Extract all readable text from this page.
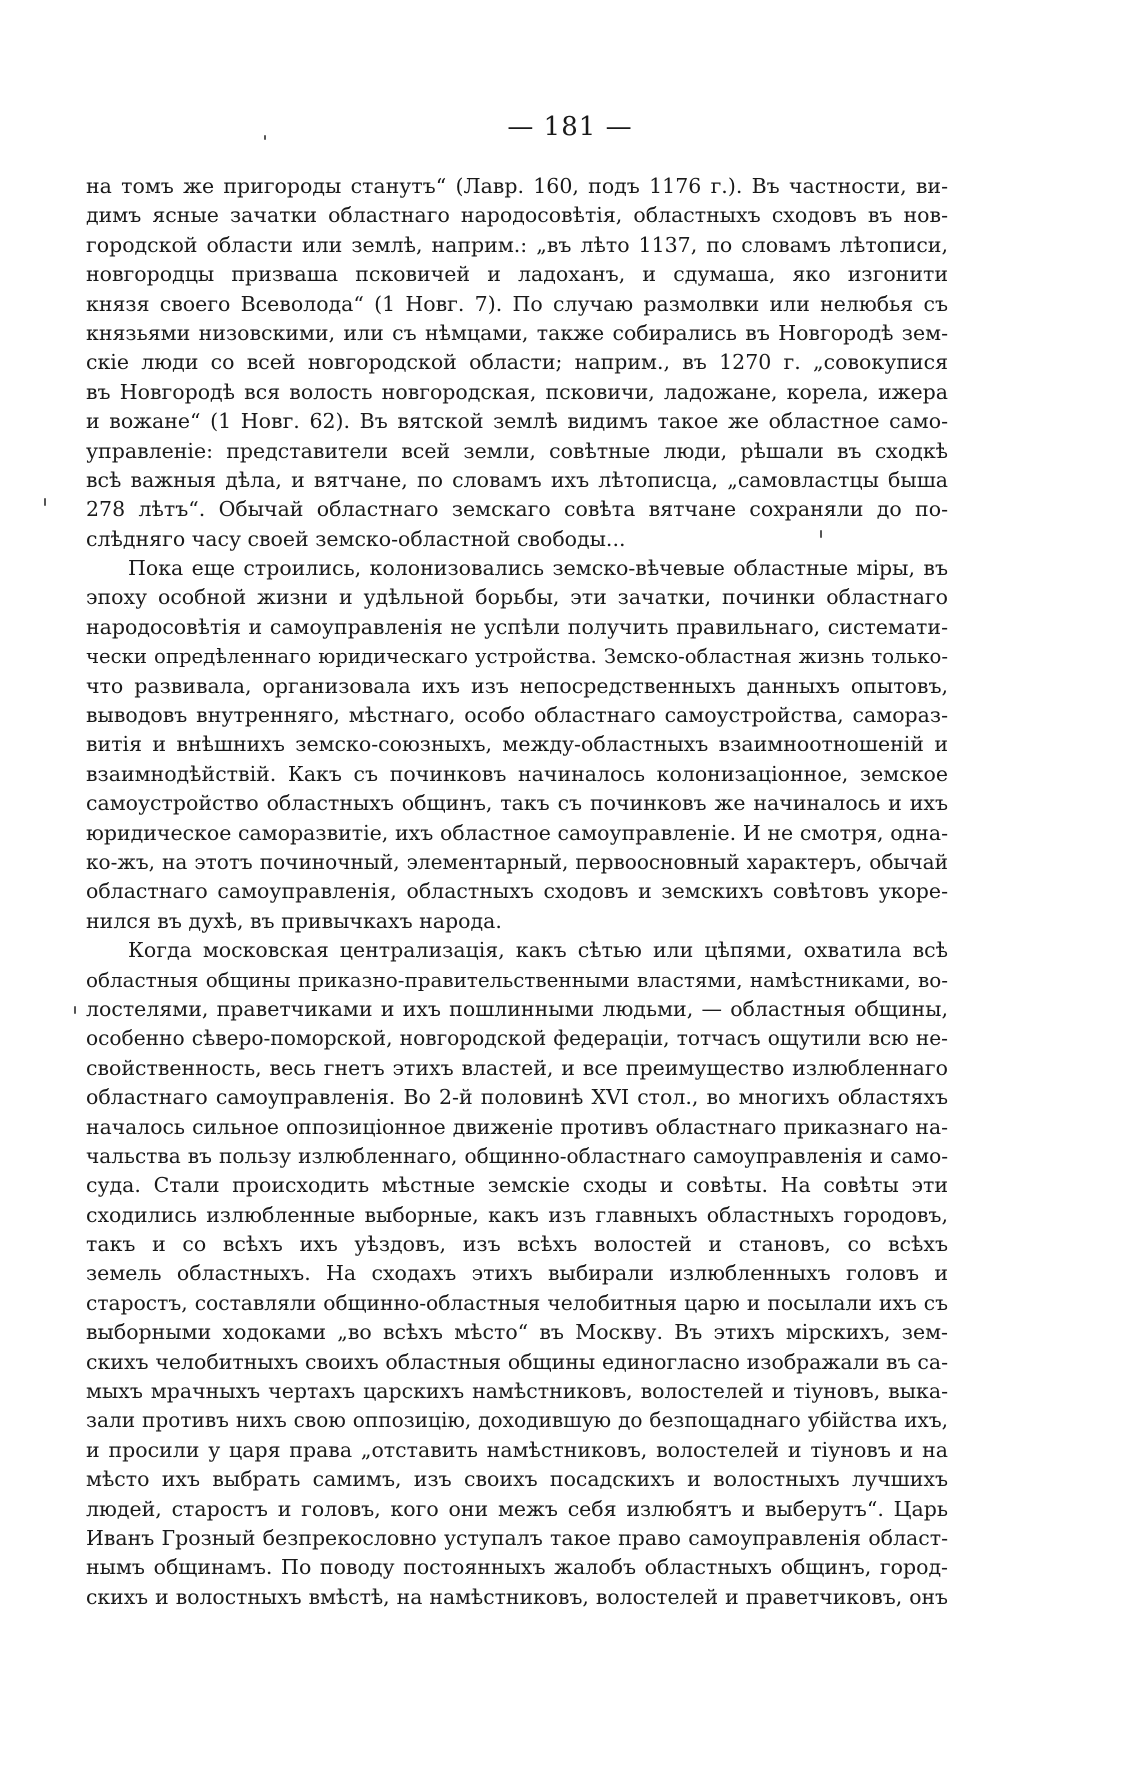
— 181 —
на томъ же пригороды станутъ“ (Лавр. 160, подъ 1176 г.). Въ частности, ви-
димъ ясные зачатки областнаго народосовѣтія, областныхъ сходовъ въ нов-
городской области или землѣ, наприм.: „въ лѣто 1137, по словамъ лѣтописи,
новгородцы призваша псковичей и ладоханъ, и сдумаша, яко изгонити
князя своего Всеволода“ (1 Новг. 7). По случаю размолвки или нелюбья съ
князьями низовскими, или съ нѣмцами, также собирались въ Новгородѣ зем-
скіе люди со всей новгородской области; наприм., въ 1270 г. „совокупися
въ Новгородѣ вся волость новгородская, псковичи, ладожане, корела, ижера
и вожане“ (1 Новг. 62). Въ вятской землѣ видимъ такое же областное само-
управленіе: представители всей земли, совѣтные люди, рѣшали въ сходкѣ
всѣ важныя дѣла, и вятчане, по словамъ ихъ лѣтописца, „самовластцы быша
278 лѣтъ“. Обычай областнаго земскаго совѣта вятчане сохраняли до по-
слѣдняго часу своей земско-областной свободы...
Пока еще строились, колонизовались земско-вѣчевые областные міры, въ
эпоху особной жизни и удѣльной борьбы, эти зачатки, починки областнаго
народосовѣтія и самоуправленія не успѣли получить правильнаго, системати-
чески опредѣленнаго юридическаго устройства. Земско-областная жизнь только-
что развивала, организовала ихъ изъ непосредственныхъ данныхъ опытовъ,
выводовъ внутренняго, мѣстнаго, особо областнаго самоустройства, самораз-
витія и внѣшнихъ земско-союзныхъ, между-областныхъ взаимноотношеній и
взаимнодѣйствій. Какъ съ починковъ начиналось колонизаціонное, земское
самоустройство областныхъ общинъ, такъ съ починковъ же начиналось и ихъ
юридическое саморазвитіе, ихъ областное самоуправленіе. И не смотря, одна-
ко-жъ, на этотъ починочный, элементарный, первоосновный характеръ, обычай
областнаго самоуправленія, областныхъ сходовъ и земскихъ совѣтовъ укоре-
нился въ духѣ, въ привычкахъ народа.
Когда московская централизація, какъ сѣтью или цѣпями, охватила всѣ
областныя общины приказно-правительственными властями, намѣстниками, во-
лостелями, праветчиками и ихъ пошлинными людьми, — областныя общины,
особенно сѣверо-поморской, новгородской федераціи, тотчасъ ощутили всю не-
свойственность, весь гнетъ этихъ властей, и все преимущество излюбленнаго
областнаго самоуправленія. Во 2-й половинѣ XVI стол., во многихъ областяхъ
началось сильное оппозиціонное движеніе противъ областнаго приказнаго на-
чальства въ пользу излюбленнаго, общинно-областнаго самоуправленія и само-
суда. Стали происходить мѣстные земскіе сходы и совѣты. На совѣты эти
сходились излюбленные выборные, какъ изъ главныхъ областныхъ городовъ,
такъ и со всѣхъ ихъ уѣздовъ, изъ всѣхъ волостей и становъ, со всѣхъ
земель областныхъ. На сходахъ этихъ выбирали излюбленныхъ головъ и
старостъ, составляли общинно-областныя челобитныя царю и посылали ихъ съ
выборными ходоками „во всѣхъ мѣсто“ въ Москву. Въ этихъ мірскихъ, зем-
скихъ челобитныхъ своихъ областныя общины единогласно изображали въ са-
мыхъ мрачныхъ чертахъ царскихъ намѣстниковъ, волостелей и тіуновъ, выка-
зали противъ нихъ свою оппозицію, доходившую до безпощаднаго убійства ихъ,
и просили у царя права „отставить намѣстниковъ, волостелей и тіуновъ и на
мѣсто ихъ выбрать самимъ, изъ своихъ посадскихъ и волостныхъ лучшихъ
людей, старостъ и головъ, кого они межъ себя излюбятъ и выберутъ“. Царь
Иванъ Грозный безпрекословно уступалъ такое право самоуправленія област-
нымъ общинамъ. По поводу постоянныхъ жалобъ областныхъ общинъ, город-
скихъ и волостныхъ вмѣстѣ, на намѣстниковъ, волостелей и праветчиковъ, онъ
